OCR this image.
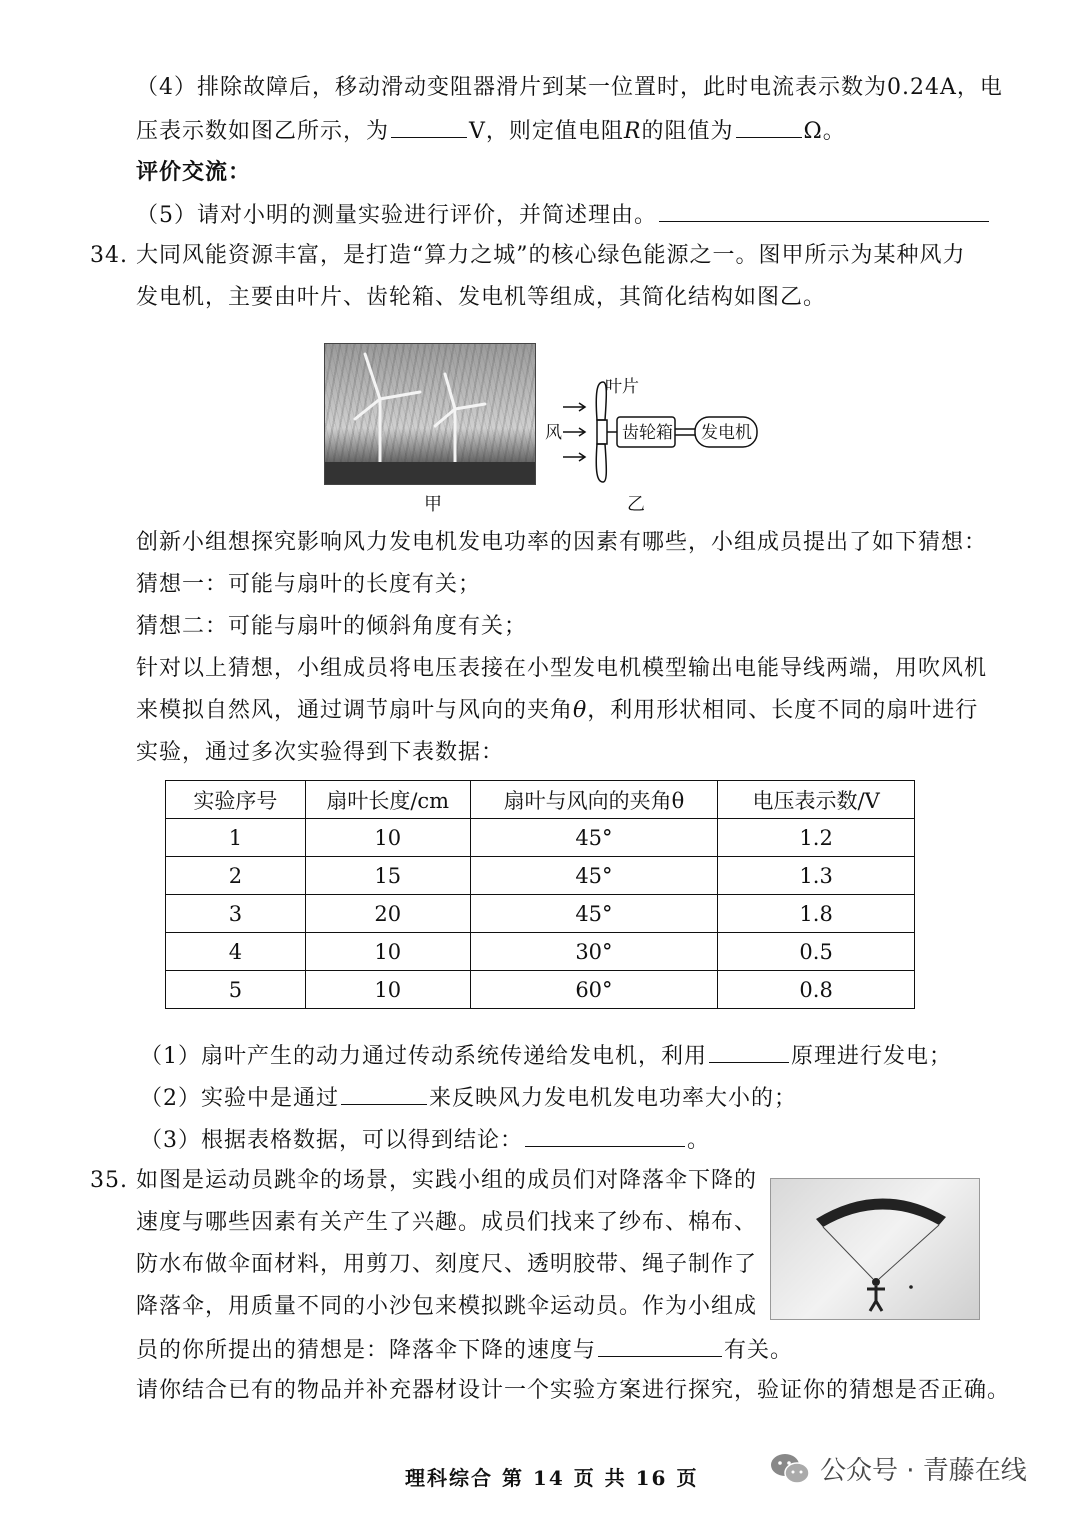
（4）排除故障后，移动滑动变阻器滑片到某一位置时，此时电流表示数为0.24A，电
压表示数如图乙所示，为	V，则定值电阻R的阻值为	Ω。
评价交流：
（5）请对小明的测量实验进行评价，并简述理由。
34. 大同风能资源丰富，是打造“算力之城”的核心绿色能源之一。图甲所示为某种风力
发电机，主要由叶片、齿轮箱、发电机等组成，其简化结构如图乙。
甲
叶片
风	齿轮箱 发电机
乙
创新小组想探究影响风力发电机发电功率的因素有哪些，小组成员提出了如下猜想：
猜想一：可能与扇叶的长度有关；
猜想二：可能与扇叶的倾斜角度有关；
针对以上猜想，小组成员将电压表接在小型发电机模型输出电能导线两端，用吹风机
来模拟自然风，通过调节扇叶与风向的夹角θ，利用形状相同、长度不同的扇叶进行
实验，通过多次实验得到下表数据：
实验序号	扇叶长度/cm	扇叶与风向的夹角θ	电压表示数/V
1	10	45°	1.2
2	15	45°	1.3
3	20	45°	1.8
4	10	30°	0.5
5	10	60°	0.8
（1）扇叶产生的动力通过传动系统传递给发电机，利用	原理进行发电；
（2）实验中是通过	来反映风力发电机发电功率大小的；
（3）根据表格数据，可以得到结论：	。
35. 如图是运动员跳伞的场景，实践小组的成员们对降落伞下降的
速度与哪些因素有关产生了兴趣。成员们找来了纱布、棉布、
防水布做伞面材料，用剪刀、刻度尺、透明胶带、绳子制作了
降落伞，用质量不同的小沙包来模拟跳伞运动员。作为小组成
员的你所提出的猜想是：降落伞下降的速度与	有关。
请你结合已有的物品并补充器材设计一个实验方案进行探究，验证你的猜想是否正确。
理科综合 第 14 页 共 16 页	公众号 · 青藤在线
